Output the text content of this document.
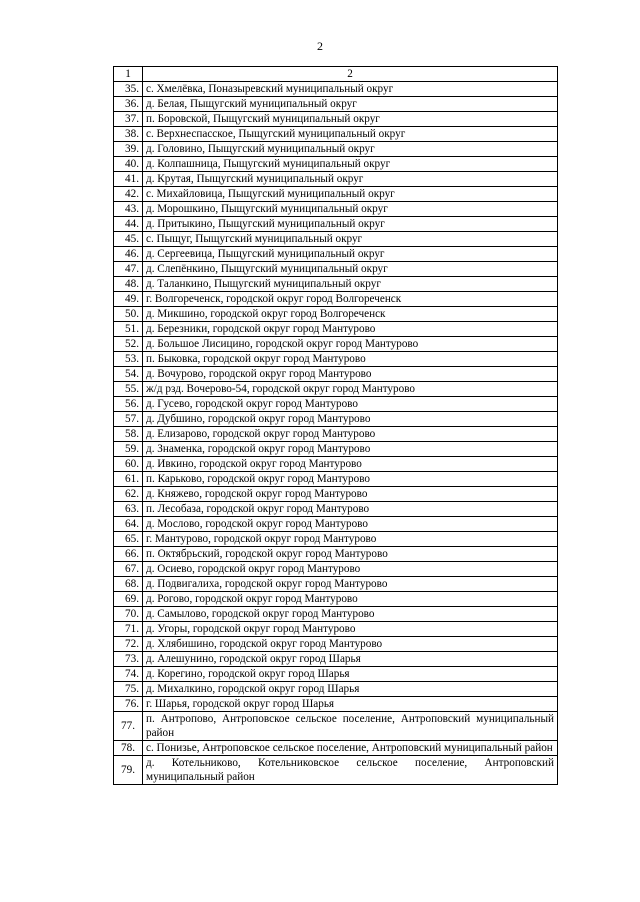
2
1	2
35.	с. Хмелёвка, Поназыревский муниципальный округ
36.	д. Белая, Пыщугский муниципальный округ
37.	п. Боровской, Пыщугский муниципальный округ
38.	с. Верхнеспасское, Пыщугский муниципальный округ
39.	д. Головино, Пыщугский муниципальный округ
40.	д. Колпашница, Пыщугский муниципальный округ
41.	д. Крутая, Пыщугский муниципальный округ
42.	с. Михайловица, Пыщугский муниципальный округ
43.	д. Морошкино, Пыщугский муниципальный округ
44.	д. Притыкино, Пыщугский муниципальный округ
45.	с. Пыщуг, Пыщугский муниципальный округ
46.	д. Сергеевица, Пыщугский муниципальный округ
47.	д. Слепёнкино, Пыщугский муниципальный округ
48.	д. Таланкино, Пыщугский муниципальный округ
49.	г. Волгореченск, городской округ город Волгореченск
50.	д. Микшино, городской округ город Волгореченск
51.	д. Березники, городской округ город Мантурово
52.	д. Большое Лисицино, городской округ город Мантурово
53.	п. Быковка, городской округ город Мантурово
54.	д. Вочурово, городской округ город Мантурово
55.	ж/д рзд. Вочерово-54, городской округ город Мантурово
56.	д. Гусево, городской округ город Мантурово
57.	д. Дубшино, городской округ город Мантурово
58.	д. Елизарово, городской округ город Мантурово
59.	д. Знаменка, городской округ город Мантурово
60.	д. Ивкино, городской округ город Мантурово
61.	п. Карьково, городской округ город Мантурово
62.	д. Княжево, городской округ город Мантурово
63.	п. Лесобаза, городской округ город Мантурово
64.	д. Мослово, городской округ город Мантурово
65.	г. Мантурово, городской округ город Мантурово
66.	п. Октябрьский, городской округ город Мантурово
67.	д. Осиево, городской округ город Мантурово
68.	д. Подвигалиха, городской округ город Мантурово
69.	д. Рогово, городской округ город Мантурово
70.	д. Самылово, городской округ город Мантурово
71.	д. Угоры, городской округ город Мантурово
72.	д. Хлябишино, городской округ город Мантурово
73.	д. Алешунино, городской округ город Шарья
74.	д. Корегино, городской округ город Шарья
75.	д. Михалкино, городской округ город Шарья
76.	г. Шарья, городской округ город Шарья
77.	п. Антропово, Антроповское сельское поселение, Антроповский муниципальный район
78.	с. Понизье, Антроповское сельское поселение, Антроповский муниципальный район
79.	д. Котельниково, Котельниковское сельское поселение, Антроповский муниципальный район
